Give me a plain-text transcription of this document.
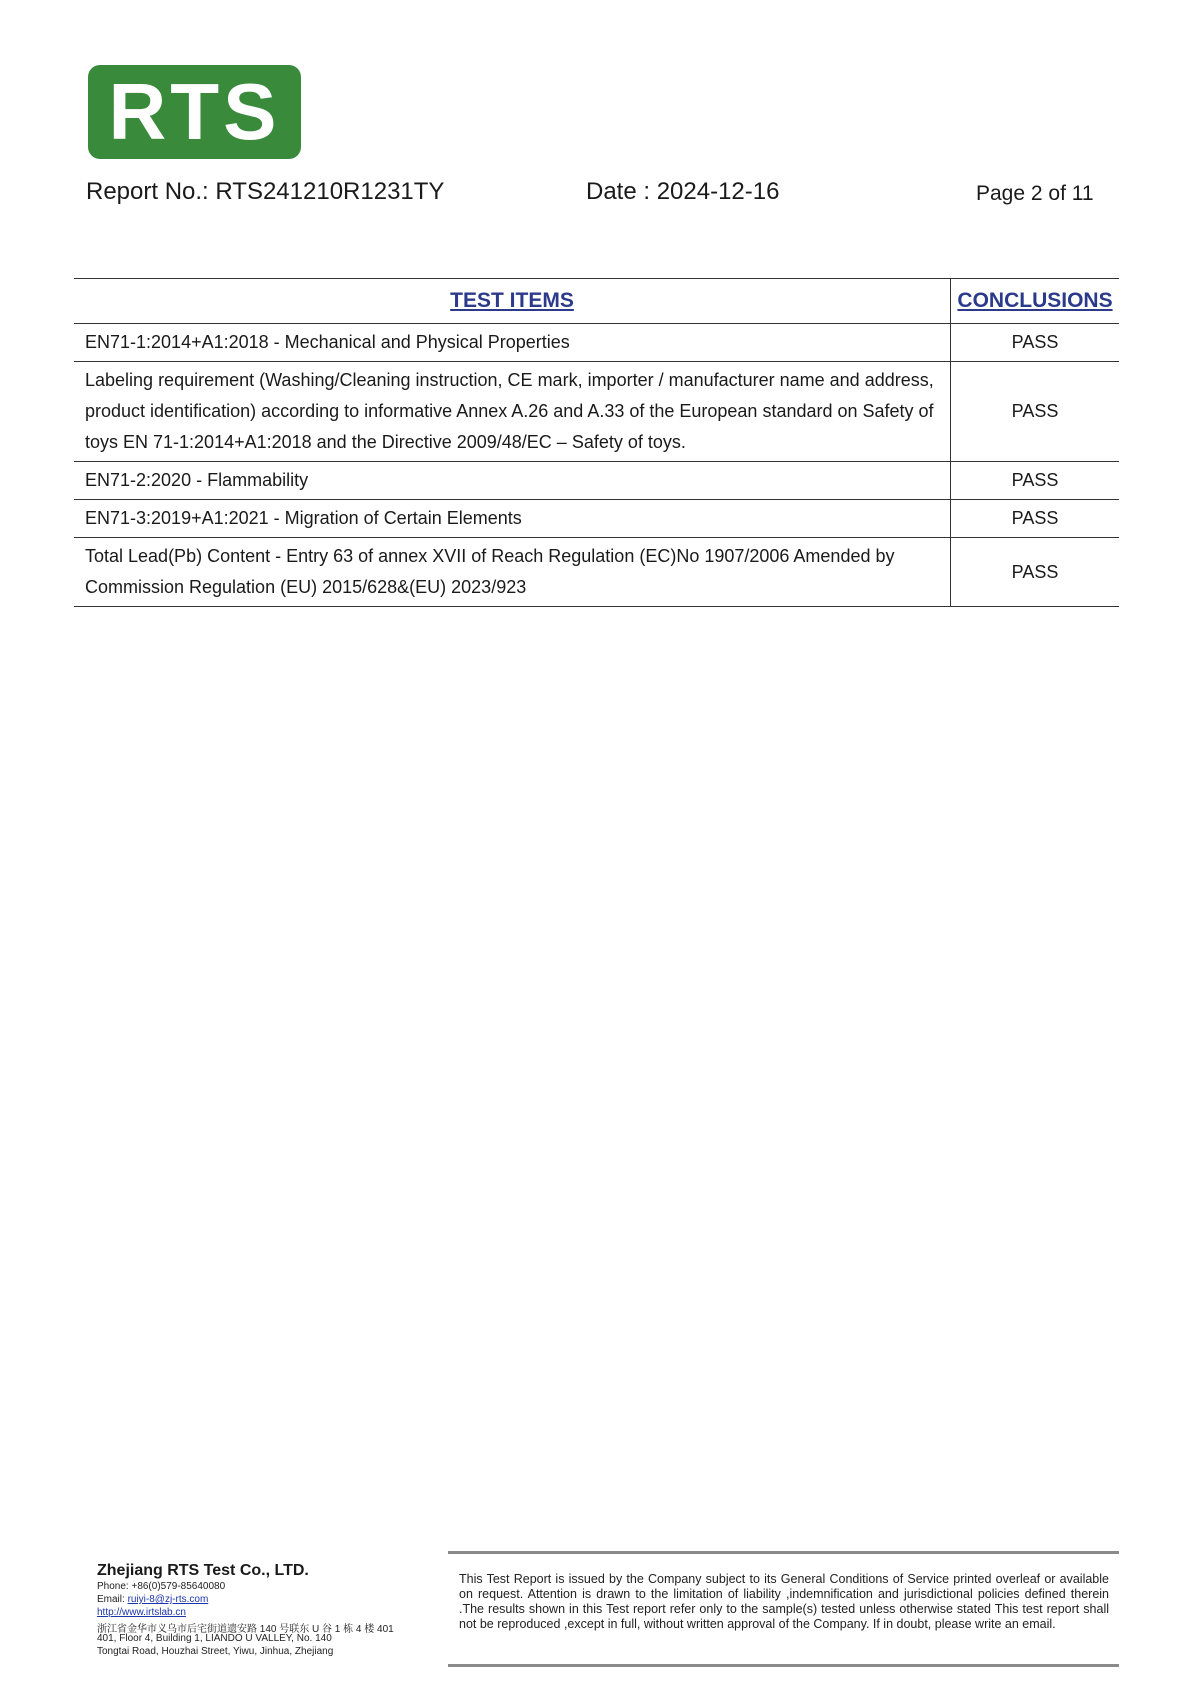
RTS
Report No.: RTS241210R1231TY	Date : 2024-12-16	Page 2 of 11
TEST ITEMS	CONCLUSIONS
EN71-1:2014+A1:2018 - Mechanical and Physical Properties	PASS
Labeling requirement (Washing/Cleaning instruction, CE mark, importer / manufacturer name and address, product identification) according to informative Annex A.26 and A.33 of the European standard on Safety of toys EN 71-1:2014+A1:2018 and the Directive 2009/48/EC – Safety of toys.	PASS
EN71-2:2020 - Flammability	PASS
EN71-3:2019+A1:2021 - Migration of Certain Elements	PASS
Total Lead(Pb) Content - Entry 63 of annex XVII of Reach Regulation (EC)No 1907/2006 Amended by Commission Regulation (EU) 2015/628&(EU) 2023/923	PASS
Zhejiang RTS Test Co., LTD.
Phone: +86(0)579-85640080
Email: ruiyi-8@zj-rts.com
http://www.irtslab.cn
浙江省金华市义乌市后宅街道遗安路 140 号联东 U 谷 1 栋 4 楼 401
401, Floor 4, Building 1, LIANDO U VALLEY, No. 140
Tongtai Road, Houzhai Street, Yiwu, Jinhua, Zhejiang
This Test Report is issued by the Company subject to its General Conditions of Service printed overleaf or available on request. Attention is drawn to the limitation of liability ,indemnification and jurisdictional policies defined therein .The results shown in this Test report refer only to the sample(s) tested unless otherwise stated This test report shall not be reproduced ,except in full, without written approval of the Company. If in doubt, please write an email.
